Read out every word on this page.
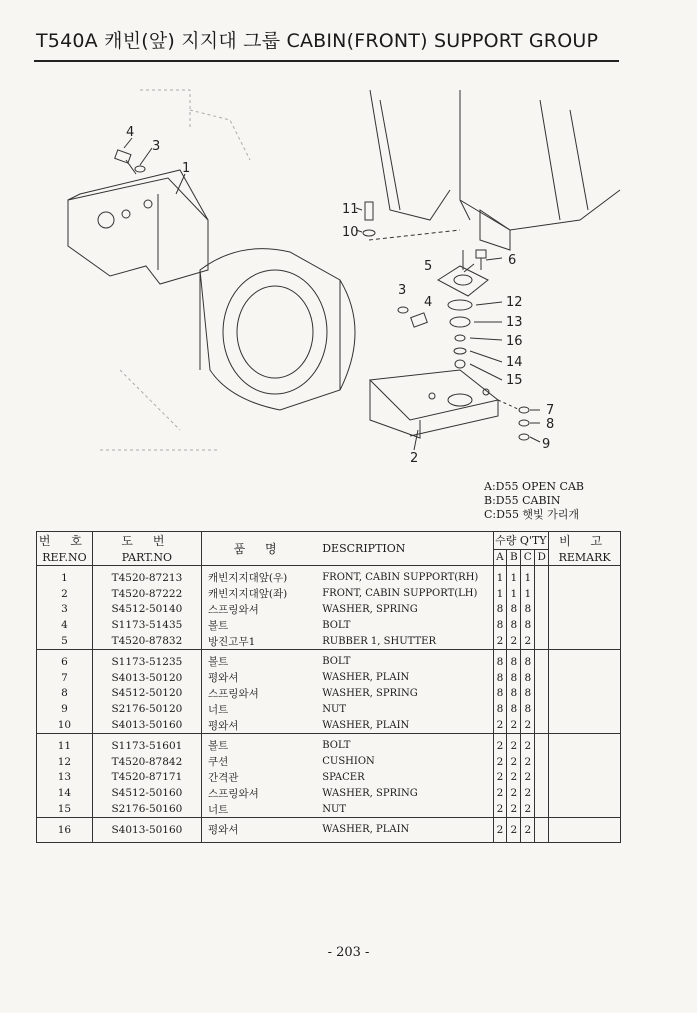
T540A 캐빈(앞) 지지대 그룹 CABIN(FRONT) SUPPORT GROUP
4
3
1
11
10
5	6
3
4	12
13
16
14
15
7
8
9
2
A:D55 OPEN CAB
B:D55 CABIN
C:D55 햇빛 가리개
번 호	도 번	품 명	DESCRIPTION	수량 Q'TY				비 고
REF.NO	PART.NO			A	B	C	D	REMARK

1	T4520-87213	캐빈지지대앞(우)	FRONT, CABIN SUPPORT(RH)	1	1	1		
2	T4520-87222	캐빈지지대앞(좌)	FRONT, CABIN SUPPORT(LH)	1	1	1		
3	S4512-50140	스프링와셔	WASHER, SPRING	8	8	8		
4	S1173-51435	볼트	BOLT	8	8	8		
5	T4520-87832	방진고무1	RUBBER 1, SHUTTER	2	2	2		

6	S1173-51235	볼트	BOLT	8	8	8		
7	S4013-50120	평와셔	WASHER, PLAIN	8	8	8		
8	S4512-50120	스프링와셔	WASHER, SPRING	8	8	8		
9	S2176-50120	너트	NUT	8	8	8		
10	S4013-50160	평와셔	WASHER, PLAIN	2	2	2		

11	S1173-51601	볼트	BOLT	2	2	2		
12	T4520-87842	쿠션	CUSHION	2	2	2		
13	T4520-87171	간격관	SPACER	2	2	2		
14	S4512-50160	스프링와셔	WASHER, SPRING	2	2	2		
15	S2176-50160	너트	NUT	2	2	2		

16	S4013-50160	평와셔	WASHER, PLAIN	2	2	2		

- 203 -
